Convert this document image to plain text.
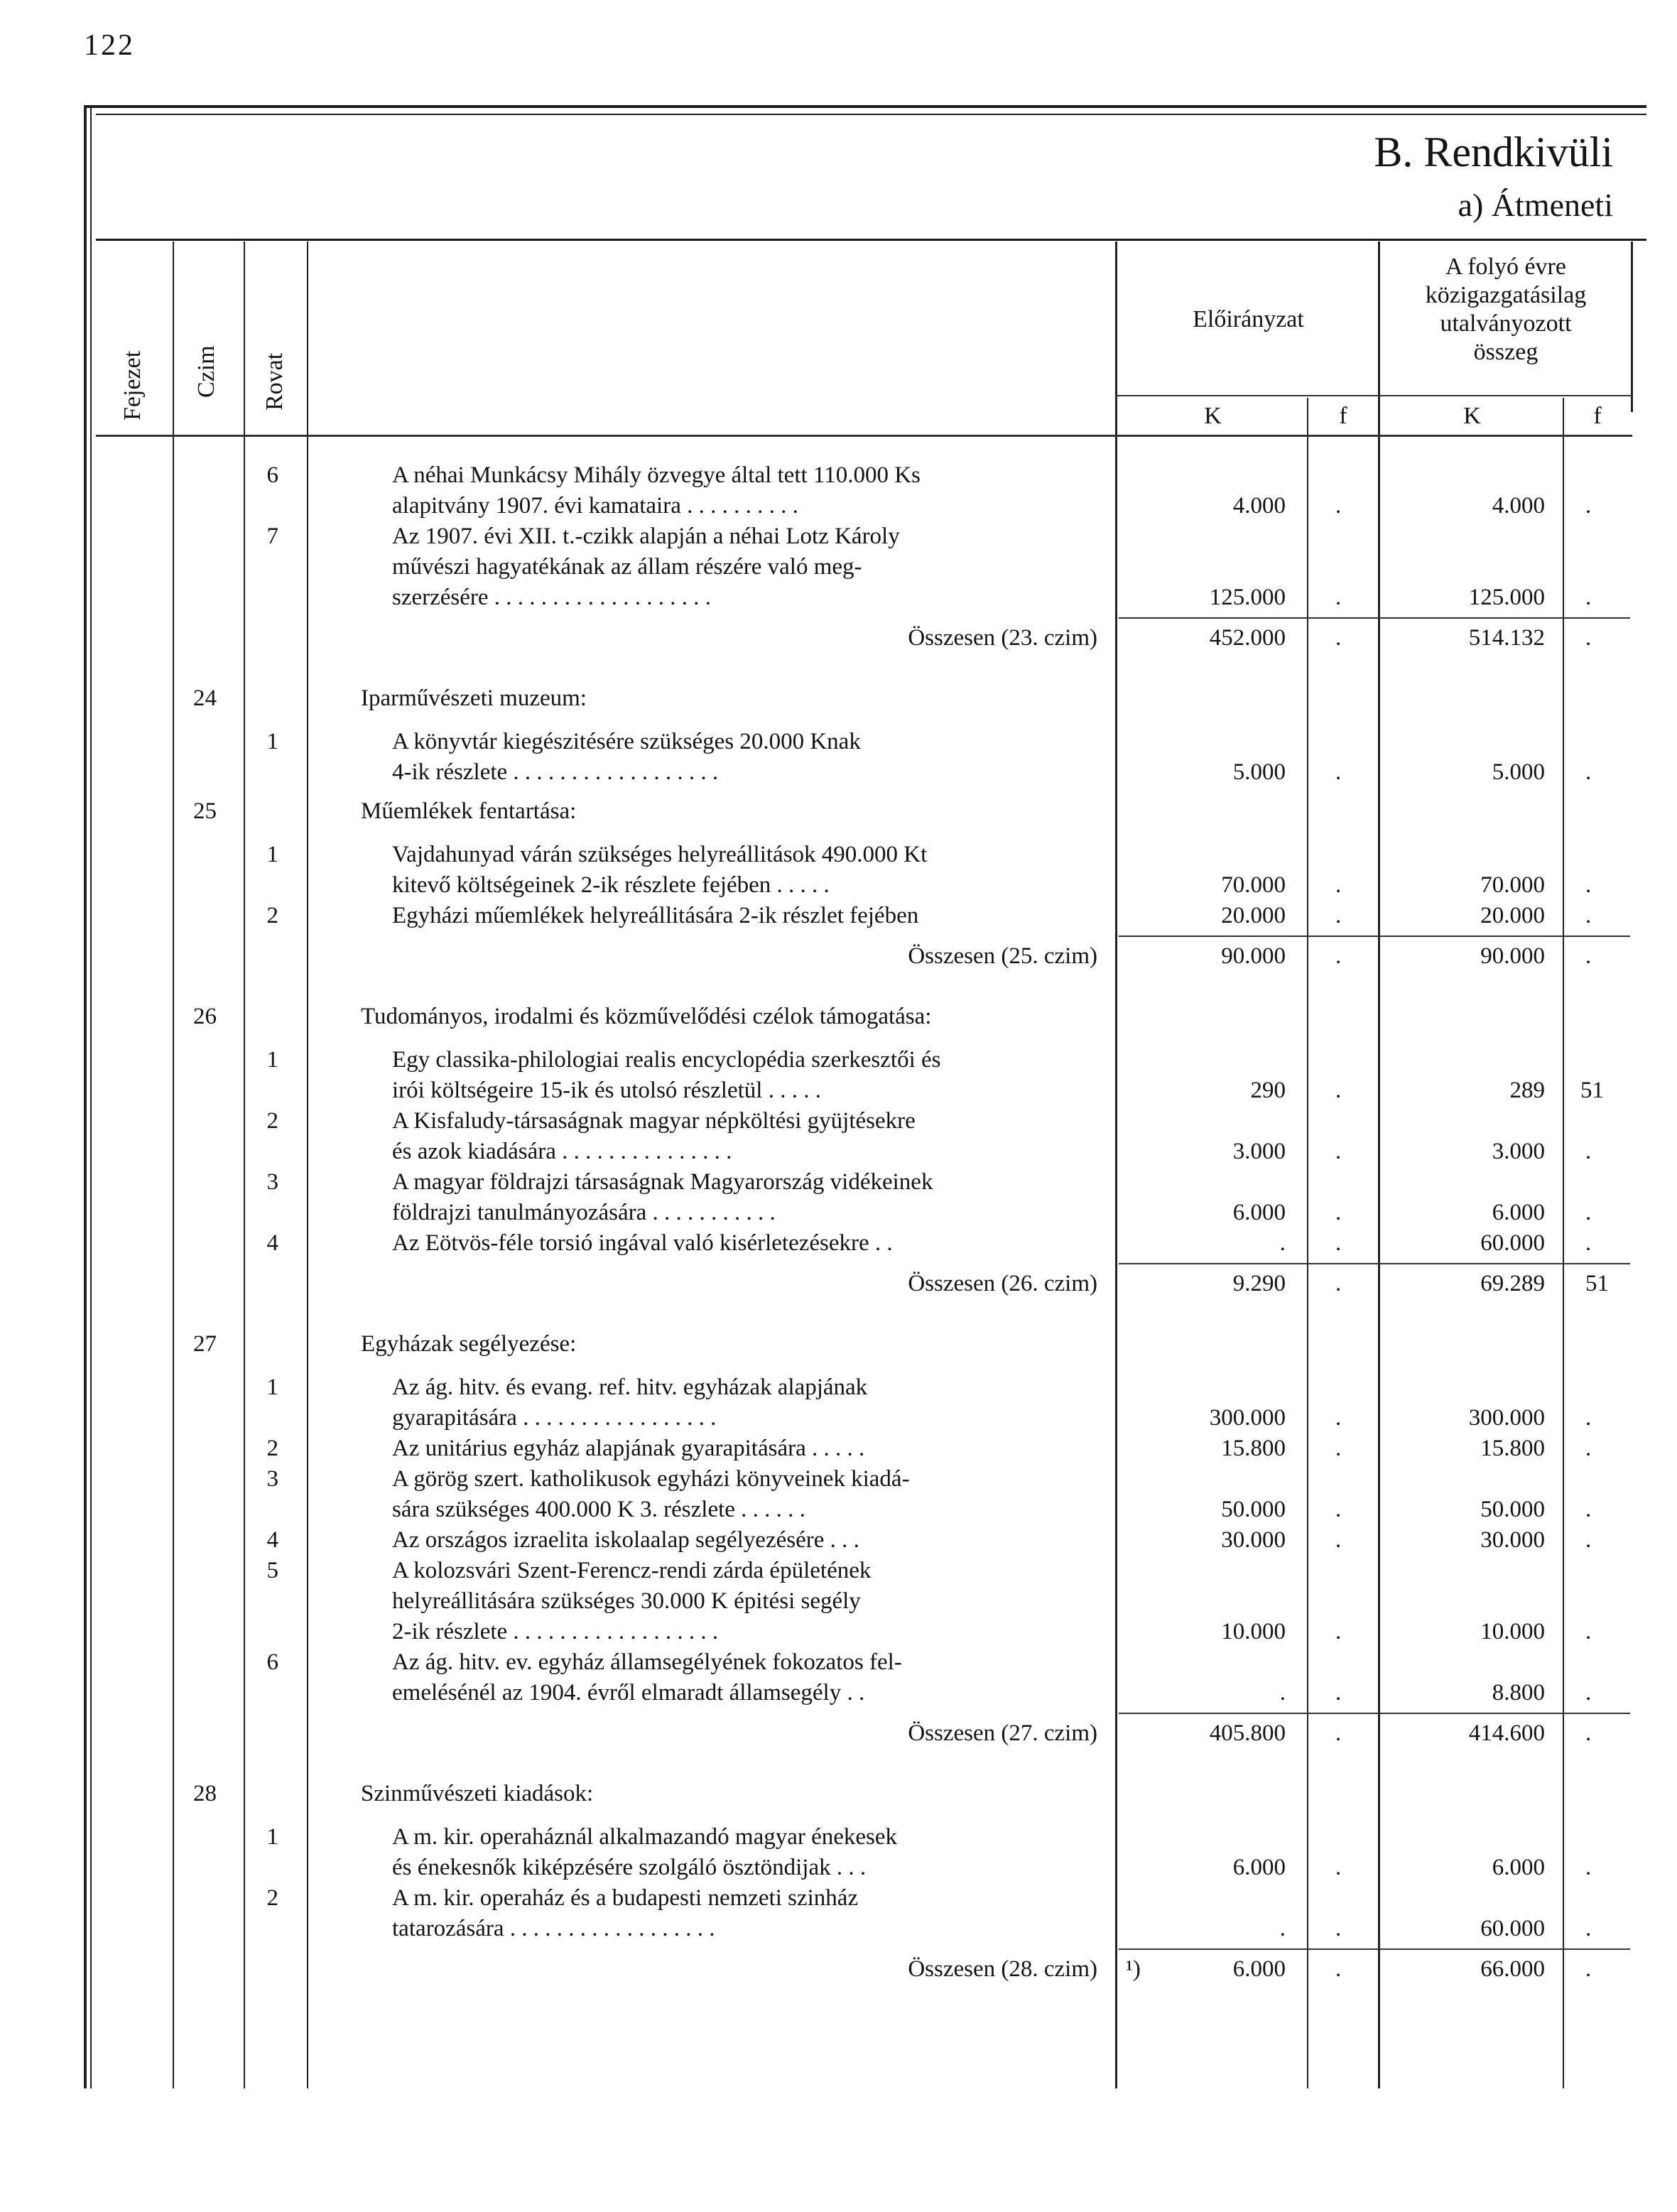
122
B. Rendkivüli
a) Átmeneti
Fejezet Czim Rovat
Előirányzat
A folyó évre
közigazgatásilag
utalványozott
összeg
K	f	K	f
6	A néhai Munkácsy Mihály özvegye által tett 110.000 Ks
alapitvány 1907. évi kamataira . . . . . . . . . .	4.000 .	4.000 .
7	Az 1907. évi XII. t.-czikk alapján a néhai Lotz Károly
művészi hagyatékának az állam részére való meg-
szerzésére . . . . . . . . . . . . . . . . . . .	125.000 .	125.000 .
Összesen (23. czim)	452.000 .	514.132 .
24	Iparművészeti muzeum:
1	A könyvtár kiegészitésére szükséges 20.000 Knak
4-ik részlete . . . . . . . . . . . . . . . . . .	5.000 .	5.000 .
25	Műemlékek fentartása:
1	Vajdahunyad várán szükséges helyreállitások 490.000 Kt
kitevő költségeinek 2-ik részlete fejében . . . . .	70.000 .	70.000 .
2	Egyházi műemlékek helyreállitására 2-ik részlet fejében	20.000 .	20.000 .
Összesen (25. czim)	90.000 .	90.000 .
26	Tudományos, irodalmi és közművelődési czélok támogatása:
1	Egy classika-philologiai realis encyclopédia szerkesztői és
irói költségeire 15-ik és utolsó részletül . . . . .	290 .	289 51
2	A Kisfaludy-társaságnak magyar népköltési gyüjtésekre
és azok kiadására . . . . . . . . . . . . . . .	3.000 .	3.000 .
3	A magyar földrajzi társaságnak Magyarország vidékeinek
földrajzi tanulmányozására . . . . . . . . . . .	6.000 .	6.000 .
4	Az Eötvös-féle torsió ingával való kisérletezésekre . .	. .	60.000 .
Összesen (26. czim)	9.290 .	69.289 51
27	Egyházak segélyezése:
1	Az ág. hitv. és evang. ref. hitv. egyházak alapjának
gyarapitására . . . . . . . . . . . . . . . . .	300.000 .	300.000 .
2	Az unitárius egyház alapjának gyarapitására . . . . .	15.800 .	15.800 .
3	A görög szert. katholikusok egyházi könyveinek kiadá-
sára szükséges 400.000 K 3. részlete . . . . . .	50.000 .	50.000 .
4	Az országos izraelita iskolaalap segélyezésére . . .	30.000 .	30.000 .
5	A kolozsvári Szent-Ferencz-rendi zárda épületének
helyreállitására szükséges 30.000 K épitési segély
2-ik részlete . . . . . . . . . . . . . . . . . .	10.000 .	10.000 .
6	Az ág. hitv. ev. egyház államsegélyének fokozatos fel-
emelésénél az 1904. évről elmaradt államsegély . .	. .	8.800 .
Összesen (27. czim)	405.800 .	414.600 .
28	Szinművészeti kiadások:
1	A m. kir. operaháznál alkalmazandó magyar énekesek
és énekesnők kiképzésére szolgáló ösztöndijak . . .	6.000 .	6.000 .
2	A m. kir. operaház és a budapesti nemzeti szinház
tatarozására . . . . . . . . . . . . . . . . . .	. .	60.000 .
Összesen (28. czim) ¹)	6.000 .	66.000 .
